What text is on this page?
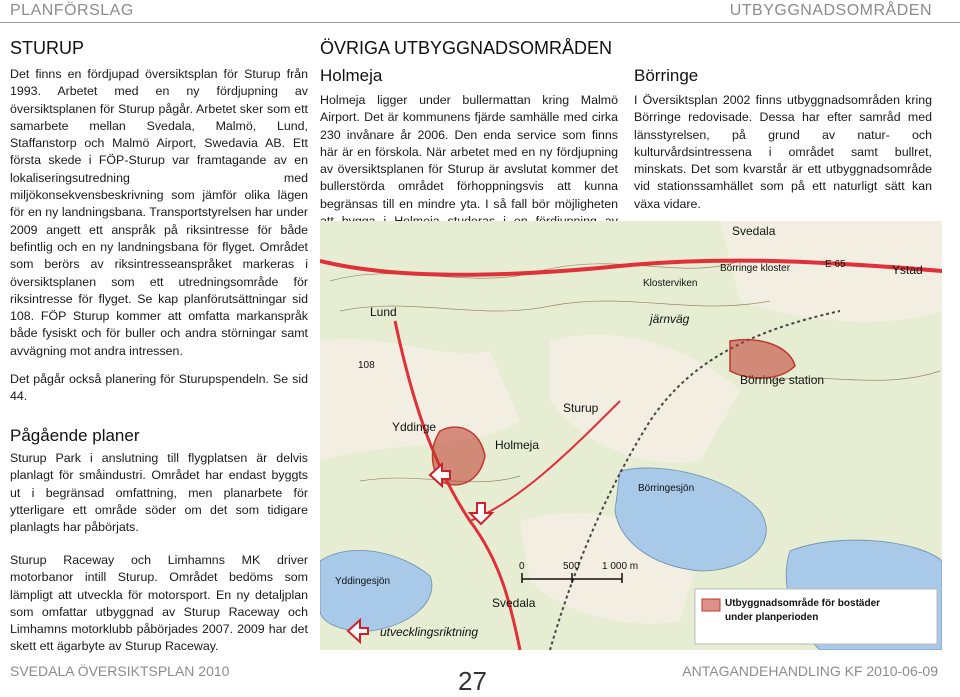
PLANFÖRSLAG	UTBYGGNADSOMRÅDEN
STURUP
Det finns en fördjupad översiktsplan för Sturup från 1993. Arbetet med en ny fördjupning av översiktsplanen för Sturup pågår. Arbetet sker som ett samarbete mellan Svedala, Malmö, Lund, Staffanstorp och Malmö Airport, Swedavia AB. Ett första skede i FÖP-Sturup var framtagande av en lokaliseringsutredning med miljökonsekvensbeskrivning som jämför olika lägen för en ny landningsbana. Transportstyrelsen har under 2009 angett ett anspråk på riksintresse för både befintlig och en ny landningsbana för flyget. Området som berörs av riksintresseanspråket markeras i översiktsplanen som ett utredningsområde för riksintresse för flyget. Se kap planförutsättningar sid 108. FÖP Sturup kommer att omfatta markanspråk både fysiskt och för buller och andra störningar samt avvägning mot andra intressen.
Det pågår också planering för Sturupspendeln. Se sid 44.
Pågående planer
Sturup Park i anslutning till flygplatsen är delvis planlagt för småindustri. Området har endast byggts ut i begränsad omfattning, men planarbete för ytterligare ett område söder om det som tidigare planlagts har påbörjats.
Sturup Raceway och Limhamns MK driver motorbanor intill Sturup. Området bedöms som lämpligt att utveckla för motorsport. En ny detaljplan som omfattar utbyggnad av Sturup Raceway och Limhamns motorklubb påbörjades 2007. 2009 har det skett ett ägarbyte av Sturup Raceway.
ÖVRIGA UTBYGGNADSOMRÅDEN
Holmeja
Holmeja ligger under bullermattan kring Malmö Airport. Det är kommunens fjärde samhälle med cirka 230 invånare år 2006. Den enda service som finns här är en förskola. När arbetet med en ny fördjupning av översiktsplanen för Sturup är avslutat kommer det bullerstörda området förhoppningsvis att kunna begränsas till en mindre yta. I så fall bör möjligheten
Börringe
I Översiktsplan 2002 finns utbyggnadsområden kring Börringe redovisade. Dessa har efter samråd med länsstyrelsen, på grund av natur- och kulturvårdsintressena i området samt bullret, minskats. Det som kvarstår är ett utbyggnadsområde vid stationssamhället som på ett naturligt sätt kan växa vidare.
Lund
108
Yddinge
Holmeja
Sturup
Svedala
Klosterviken
Börringe kloster	E 65	Ystad
järnväg
Börringe station
Börringesjön
Yddingesjön
Svedala
0	500 1 000 m
Utbyggnadsområde för bostäder
under planperioden
utvecklingsriktning
SVEDALA ÖVERSIKTSPLAN 2010	27	ANTAGANDEHANDLING KF 2010-06-09
